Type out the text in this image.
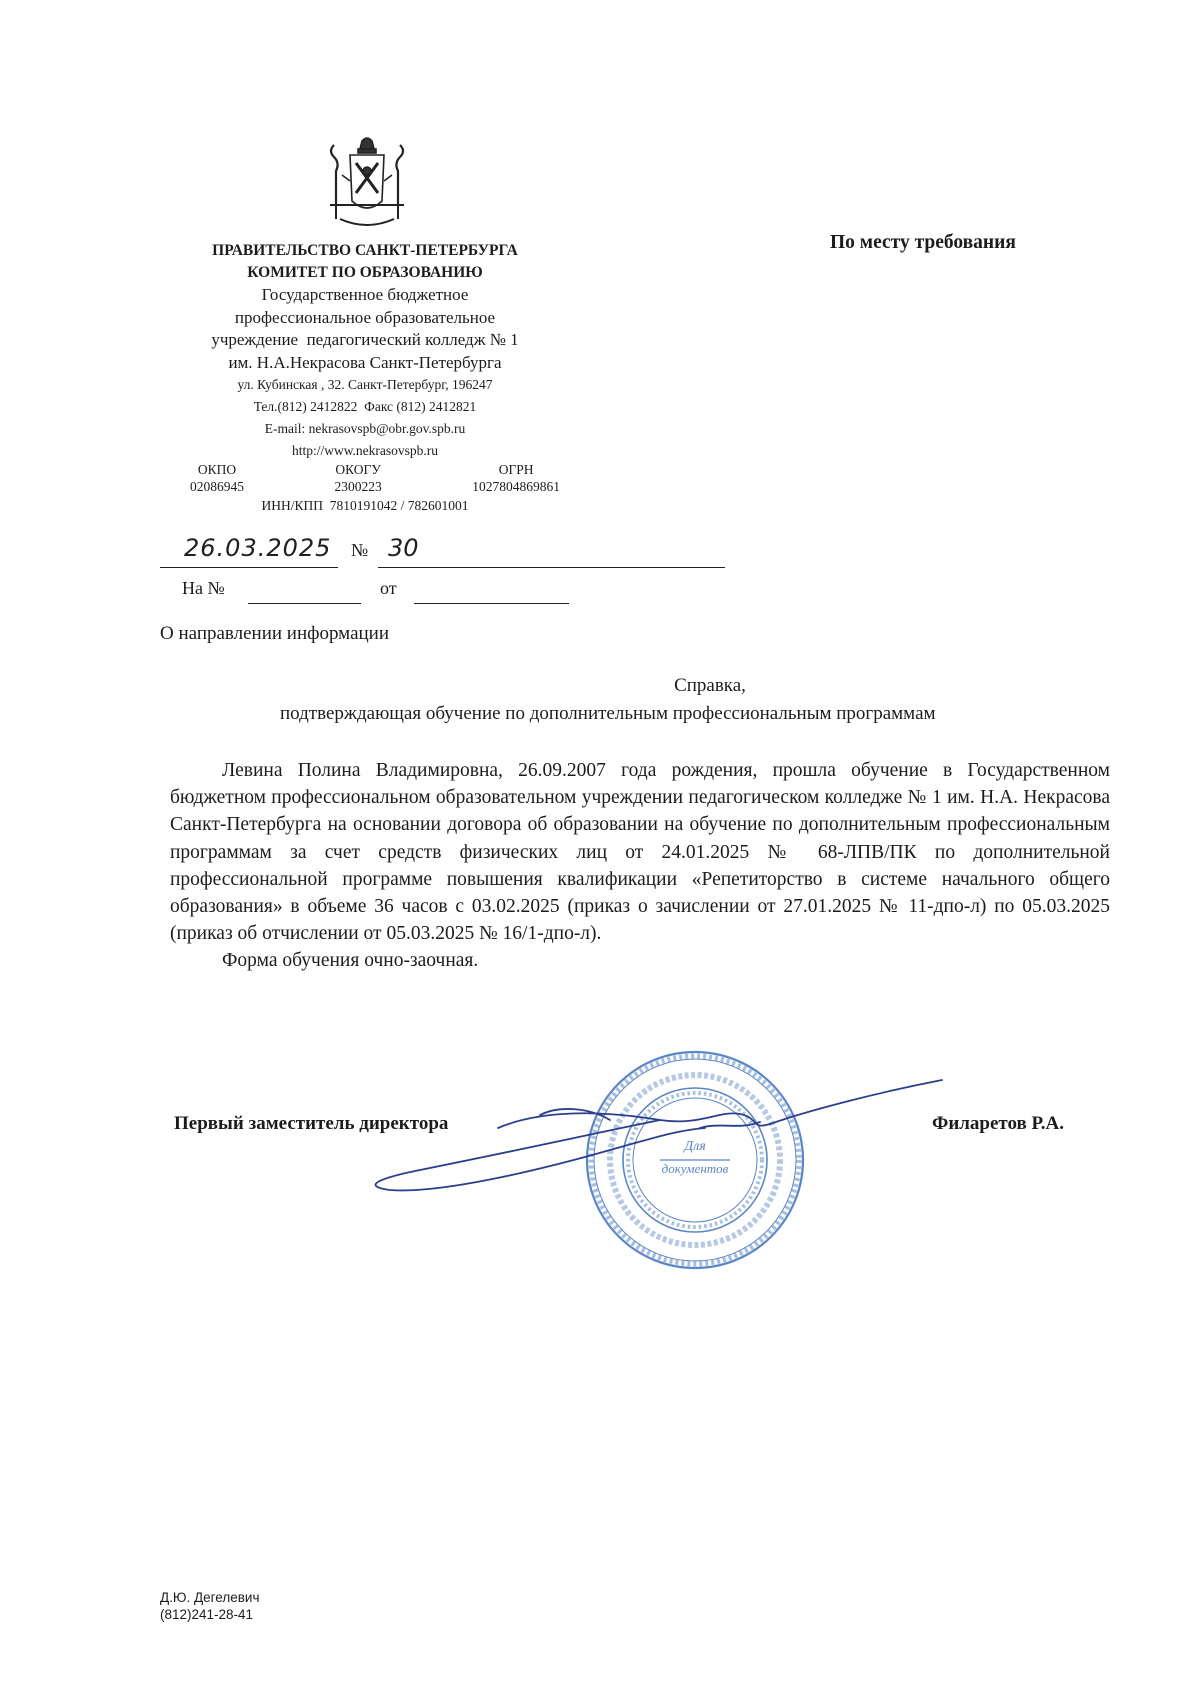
ПРАВИТЕЛЬСТВО САНКТ-ПЕТЕРБУРГА
КОМИТЕТ ПО ОБРАЗОВАНИЮ
Государственное бюджетное
профессиональное образовательное
учреждение  педагогический колледж № 1
им. Н.А.Некрасова Санкт-Петербурга
ул. Кубинская , 32. Санкт-Петербург, 196247
Тел.(812) 2412822  Факс (812) 2412821
E-mail: nekrasovspb@obr.gov.spb.ru
http://www.nekrasovspb.ru
ОКПО
02086945
ОКОГУ
2300223
ОГРН
1027804869861
ИНН/КПП  7810191042 / 782601001
По месту требования
26.03.2025 № 30
На №	от
О направлении информации
Справка,
подтверждающая обучение по дополнительным профессиональным программам

Левина Полина Владимировна, 26.09.2007 года рождения, прошла обучение в Государственном бюджетном профессиональном образовательном учреждении педагогическом колледже № 1 им. Н.А. Некрасова Санкт-Петербурга на основании договора об образовании на обучение по дополнительным профессиональным программам за счет средств физических лиц от 24.01.2025 № 68-ЛПВ/ПК по дополнительной профессиональной программе повышения квалификации «Репетиторство в системе начального общего образования» в объеме 36 часов с 03.02.2025 (приказ о зачислении от 27.01.2025 № 11-дпо-л) по 05.03.2025 (приказ об отчислении от 05.03.2025 № 16/1-дпо-л).

Форма обучения очно-заочная.

Первый заместитель директора	Филаретов Р.А.
Для
документов
Д.Ю. Дегелевич
(812)241-28-41
